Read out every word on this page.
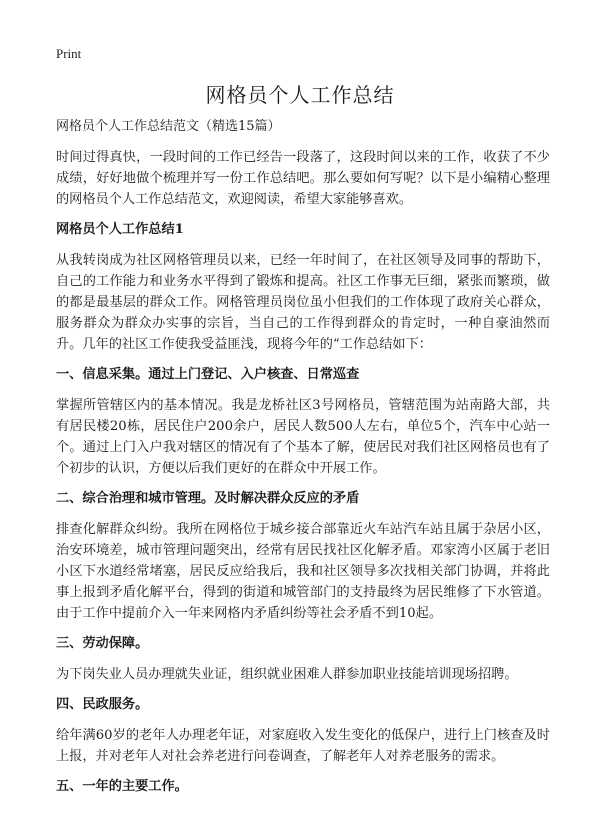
Print
网格员个人工作总结

网格员个人工作总结范文（精选15篇）

时间过得真快，一段时间的工作已经告一段落了，这段时间以来的工作，收获了不少成绩，好好地做个梳理并写一份工作总结吧。那么要如何写呢？以下是小编精心整理的网格员个人工作总结范文，欢迎阅读，希望大家能够喜欢。

网格员个人工作总结1

从我转岗成为社区网格管理员以来，已经一年时间了，在社区领导及同事的帮助下，自己的工作能力和业务水平得到了锻炼和提高。社区工作事无巨细，紧张而繁琐，做的都是最基层的群众工作。网格管理员岗位虽小但我们的工作体现了政府关心群众，服务群众为群众办实事的宗旨，当自己的工作得到群众的肯定时，一种自豪油然而升。几年的社区工作使我受益匪浅，现将今年的“工作总结如下：

一、信息采集。通过上门登记、入户核查、日常巡查

掌握所管辖区内的基本情况。我是龙桥社区3号网格员，管辖范围为站南路大部，共有居民楼20栋，居民住户200余户，居民人数500人左右，单位5个，汽车中心站一个。通过上门入户我对辖区的情况有了个基本了解，使居民对我们社区网格员也有了个初步的认识，方便以后我们更好的在群众中开展工作。

二、综合治理和城市管理。及时解决群众反应的矛盾

排查化解群众纠纷。我所在网格位于城乡接合部靠近火车站汽车站且属于杂居小区，治安环境差，城市管理问题突出，经常有居民找社区化解矛盾。邓家湾小区属于老旧小区下水道经常堵塞，居民反应给我后，我和社区领导多次找相关部门协调，并将此事上报到矛盾化解平台，得到的街道和城管部门的支持最终为居民维修了下水管道。由于工作中提前介入一年来网格内矛盾纠纷等社会矛盾不到10起。

三、劳动保障。

为下岗失业人员办理就失业证，组织就业困难人群参加职业技能培训现场招聘。

四、民政服务。

给年满60岁的老年人办理老年证，对家庭收入发生变化的低保户，进行上门核查及时上报，并对老年人对社会养老进行问卷调查，了解老年人对养老服务的需求。

五、一年的主要工作。
